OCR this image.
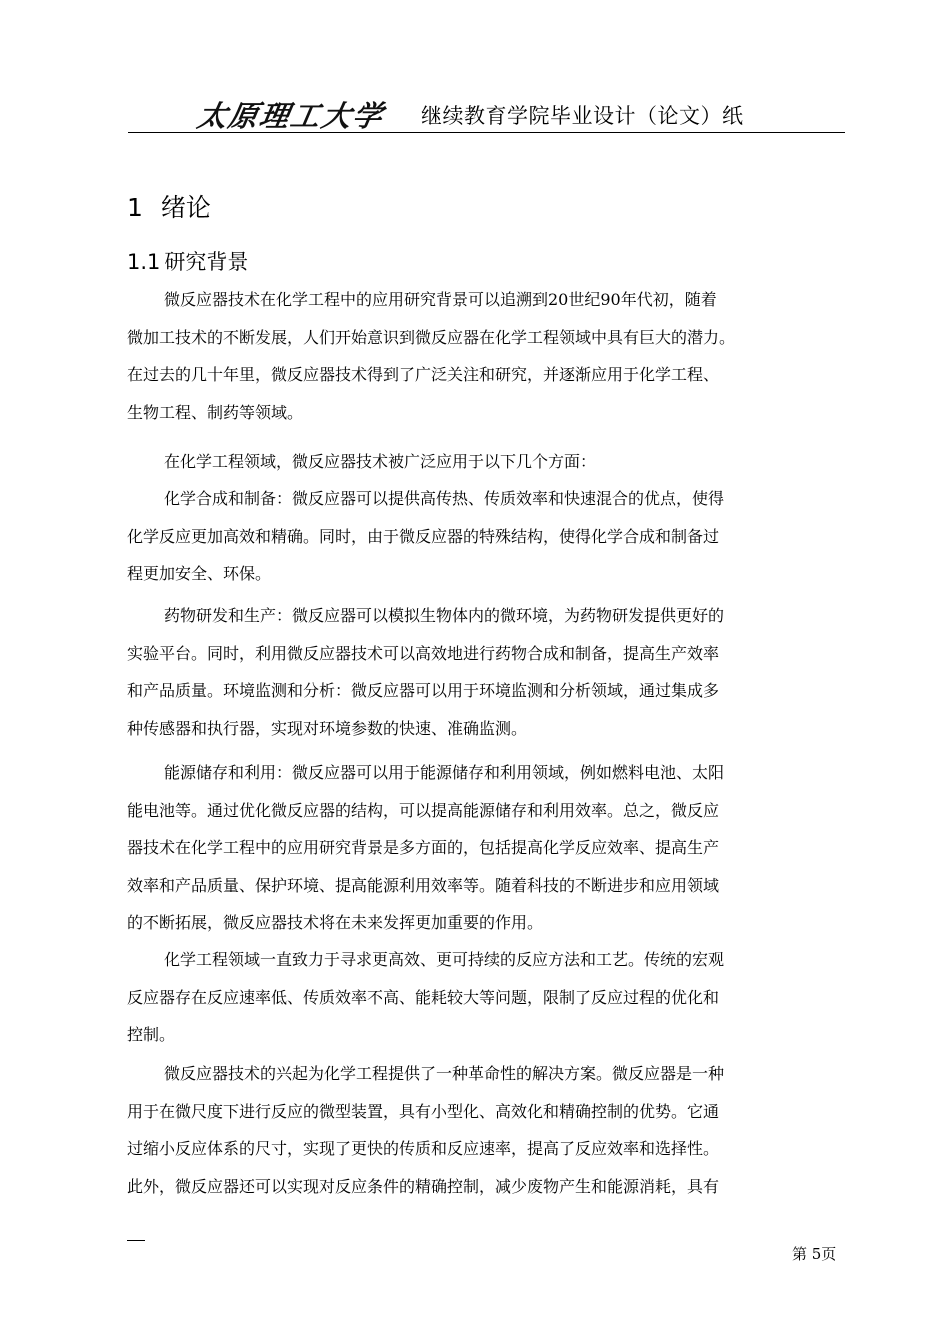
太原理工大学 继续教育学院毕业设计（论文）纸
1 绪论
1.1 研究背景
微反应器技术在化学工程中的应用研究背景可以追溯到20世纪90年代初，随着
微加工技术的不断发展，人们开始意识到微反应器在化学工程领域中具有巨大的潜力。
在过去的几十年里，微反应器技术得到了广泛关注和研究，并逐渐应用于化学工程、
生物工程、制药等领域。
在化学工程领域，微反应器技术被广泛应用于以下几个方面：
化学合成和制备：微反应器可以提供高传热、传质效率和快速混合的优点，使得
化学反应更加高效和精确。同时，由于微反应器的特殊结构，使得化学合成和制备过
程更加安全、环保。
药物研发和生产：微反应器可以模拟生物体内的微环境，为药物研发提供更好的
实验平台。同时，利用微反应器技术可以高效地进行药物合成和制备，提高生产效率
和产品质量。环境监测和分析：微反应器可以用于环境监测和分析领域，通过集成多
种传感器和执行器，实现对环境参数的快速、准确监测。
能源储存和利用：微反应器可以用于能源储存和利用领域，例如燃料电池、太阳
能电池等。通过优化微反应器的结构，可以提高能源储存和利用效率。总之，微反应
器技术在化学工程中的应用研究背景是多方面的，包括提高化学反应效率、提高生产
效率和产品质量、保护环境、提高能源利用效率等。随着科技的不断进步和应用领域
的不断拓展，微反应器技术将在未来发挥更加重要的作用。
化学工程领域一直致力于寻求更高效、更可持续的反应方法和工艺。传统的宏观
反应器存在反应速率低、传质效率不高、能耗较大等问题，限制了反应过程的优化和
控制。
微反应器技术的兴起为化学工程提供了一种革命性的解决方案。微反应器是一种
用于在微尺度下进行反应的微型装置，具有小型化、高效化和精确控制的优势。它通
过缩小反应体系的尺寸，实现了更快的传质和反应速率，提高了反应效率和选择性。
此外，微反应器还可以实现对反应条件的精确控制，减少废物产生和能源消耗，具有
第 5页
